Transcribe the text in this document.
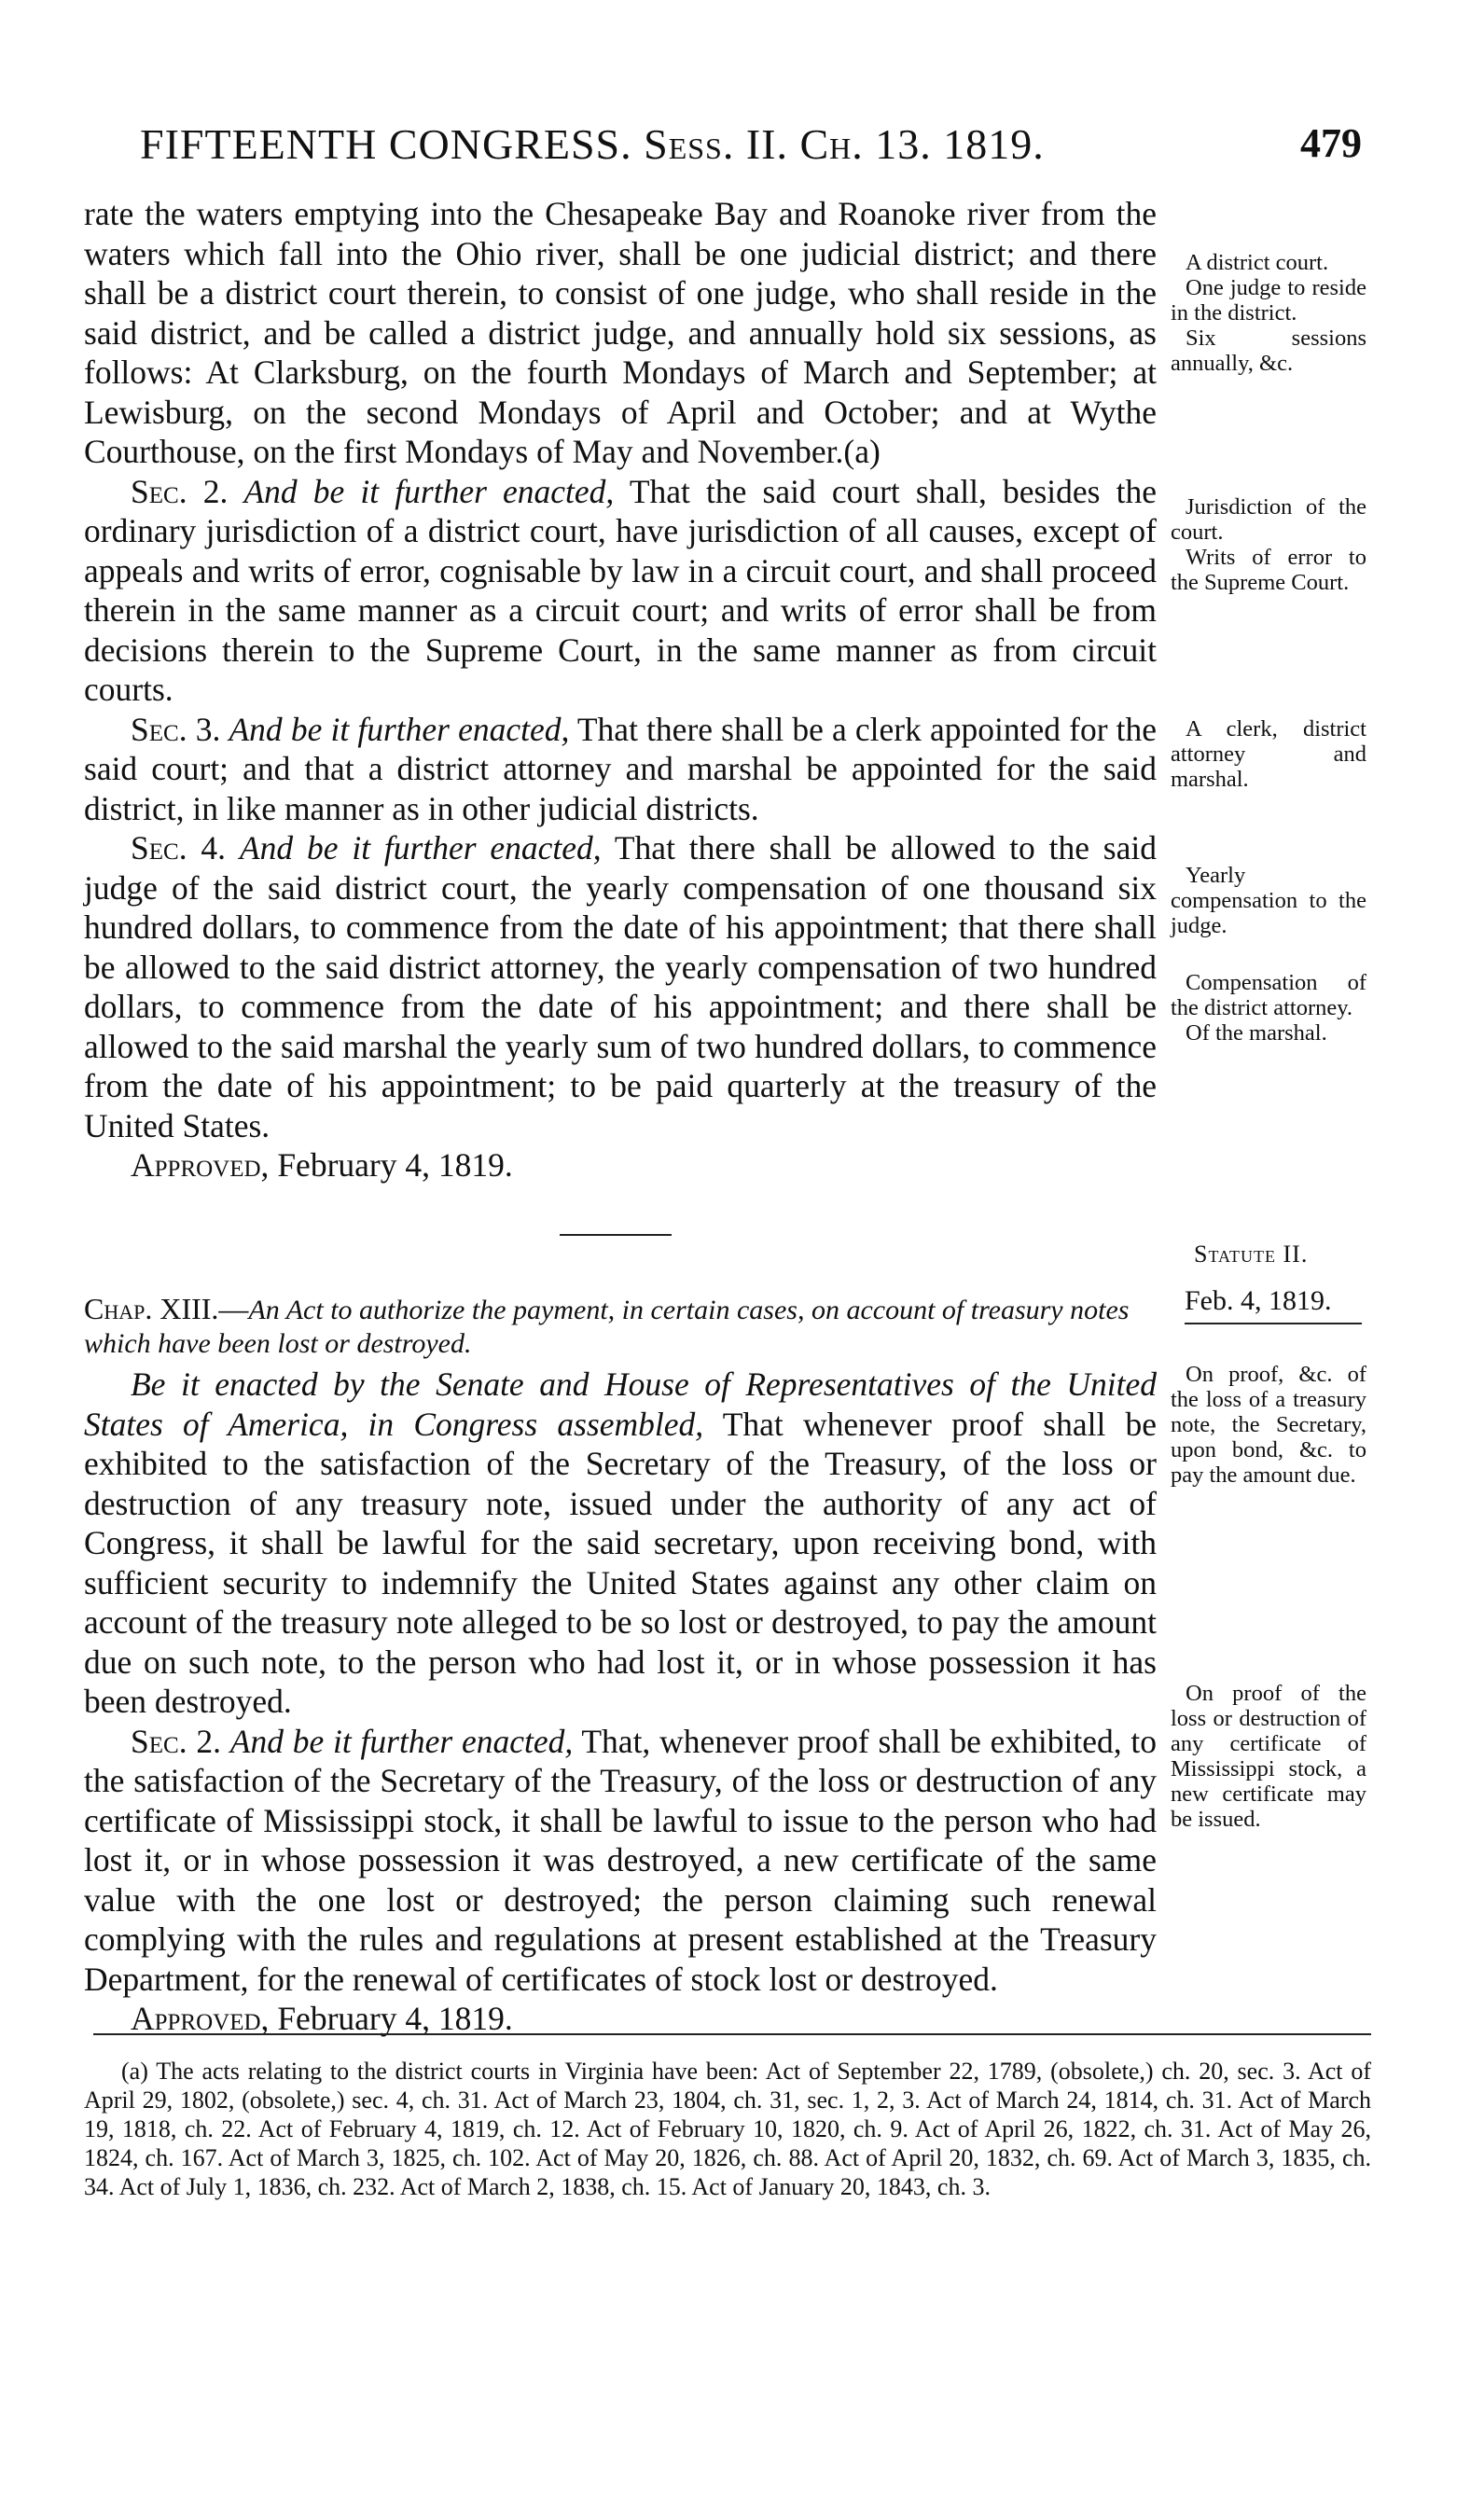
FIFTEENTH CONGRESS. Sess. II. Ch. 13. 1819.	479

rate the waters emptying into the Chesapeake Bay and Roanoke river from the waters which fall into the Ohio river, shall be one judicial district; and there shall be a district court therein, to consist of one judge, who shall reside in the said district, and be called a district judge, and annually hold six sessions, as follows: At Clarksburg, on the fourth Mondays of March and September; at Lewisburg, on the second Mondays of April and October; and at Wythe Courthouse, on the first Mondays of May and November.(a)

Sec. 2. And be it further enacted, That the said court shall, besides the ordinary jurisdiction of a district court, have jurisdiction of all causes, except of appeals and writs of error, cognisable by law in a circuit court, and shall proceed therein in the same manner as a circuit court; and writs of error shall be from decisions therein to the Supreme Court, in the same manner as from circuit courts.

Sec. 3. And be it further enacted, That there shall be a clerk appointed for the said court; and that a district attorney and marshal be appointed for the said district, in like manner as in other judicial districts.

Sec. 4. And be it further enacted, That there shall be allowed to the said judge of the said district court, the yearly compensation of one thousand six hundred dollars, to commence from the date of his appointment; that there shall be allowed to the said district attorney, the yearly compensation of two hundred dollars, to commence from the date of his appointment; and there shall be allowed to the said marshal the yearly sum of two hundred dollars, to commence from the date of his appointment; to be paid quarterly at the treasury of the United States.

Approved, February 4, 1819.

A district court.
One judge to reside in the district.
Six sessions annually, &c.
Jurisdiction of the court.
Writs of error to the Supreme Court.
A clerk, district attorney and marshal.
Yearly compensation to the judge.
Compensation of the district attorney.
Of the marshal.
Statute II.
Feb. 4, 1819.
Chap. XIII.—An Act to authorize the payment, in certain cases, on account of treasury notes which have been lost or destroyed.

Be it enacted by the Senate and House of Representatives of the United States of America, in Congress assembled, That whenever proof shall be exhibited to the satisfaction of the Secretary of the Treasury, of the loss or destruction of any treasury note, issued under the authority of any act of Congress, it shall be lawful for the said secretary, upon receiving bond, with sufficient security to indemnify the United States against any other claim on account of the treasury note alleged to be so lost or destroyed, to pay the amount due on such note, to the person who had lost it, or in whose possession it has been destroyed.

Sec. 2. And be it further enacted, That, whenever proof shall be exhibited, to the satisfaction of the Secretary of the Treasury, of the loss or destruction of any certificate of Mississippi stock, it shall be lawful to issue to the person who had lost it, or in whose possession it was destroyed, a new certificate of the same value with the one lost or destroyed; the person claiming such renewal complying with the rules and regulations at present established at the Treasury Department, for the renewal of certificates of stock lost or destroyed.

Approved, February 4, 1819.

On proof, &c. of the loss of a treasury note, the Secretary, upon bond, &c. to pay the amount due.
On proof of the loss or destruction of any certificate of Mississippi stock, a new certificate may be issued.
(a) The acts relating to the district courts in Virginia have been: Act of September 22, 1789, (obsolete,) ch. 20, sec. 3. Act of April 29, 1802, (obsolete,) sec. 4, ch. 31. Act of March 23, 1804, ch. 31, sec. 1, 2, 3. Act of March 24, 1814, ch. 31. Act of March 19, 1818, ch. 22. Act of February 4, 1819, ch. 12. Act of February 10, 1820, ch. 9. Act of April 26, 1822, ch. 31. Act of May 26, 1824, ch. 167. Act of March 3, 1825, ch. 102. Act of May 20, 1826, ch. 88. Act of April 20, 1832, ch. 69. Act of March 3, 1835, ch. 34. Act of July 1, 1836, ch. 232. Act of March 2, 1838, ch. 15. Act of January 20, 1843, ch. 3.
